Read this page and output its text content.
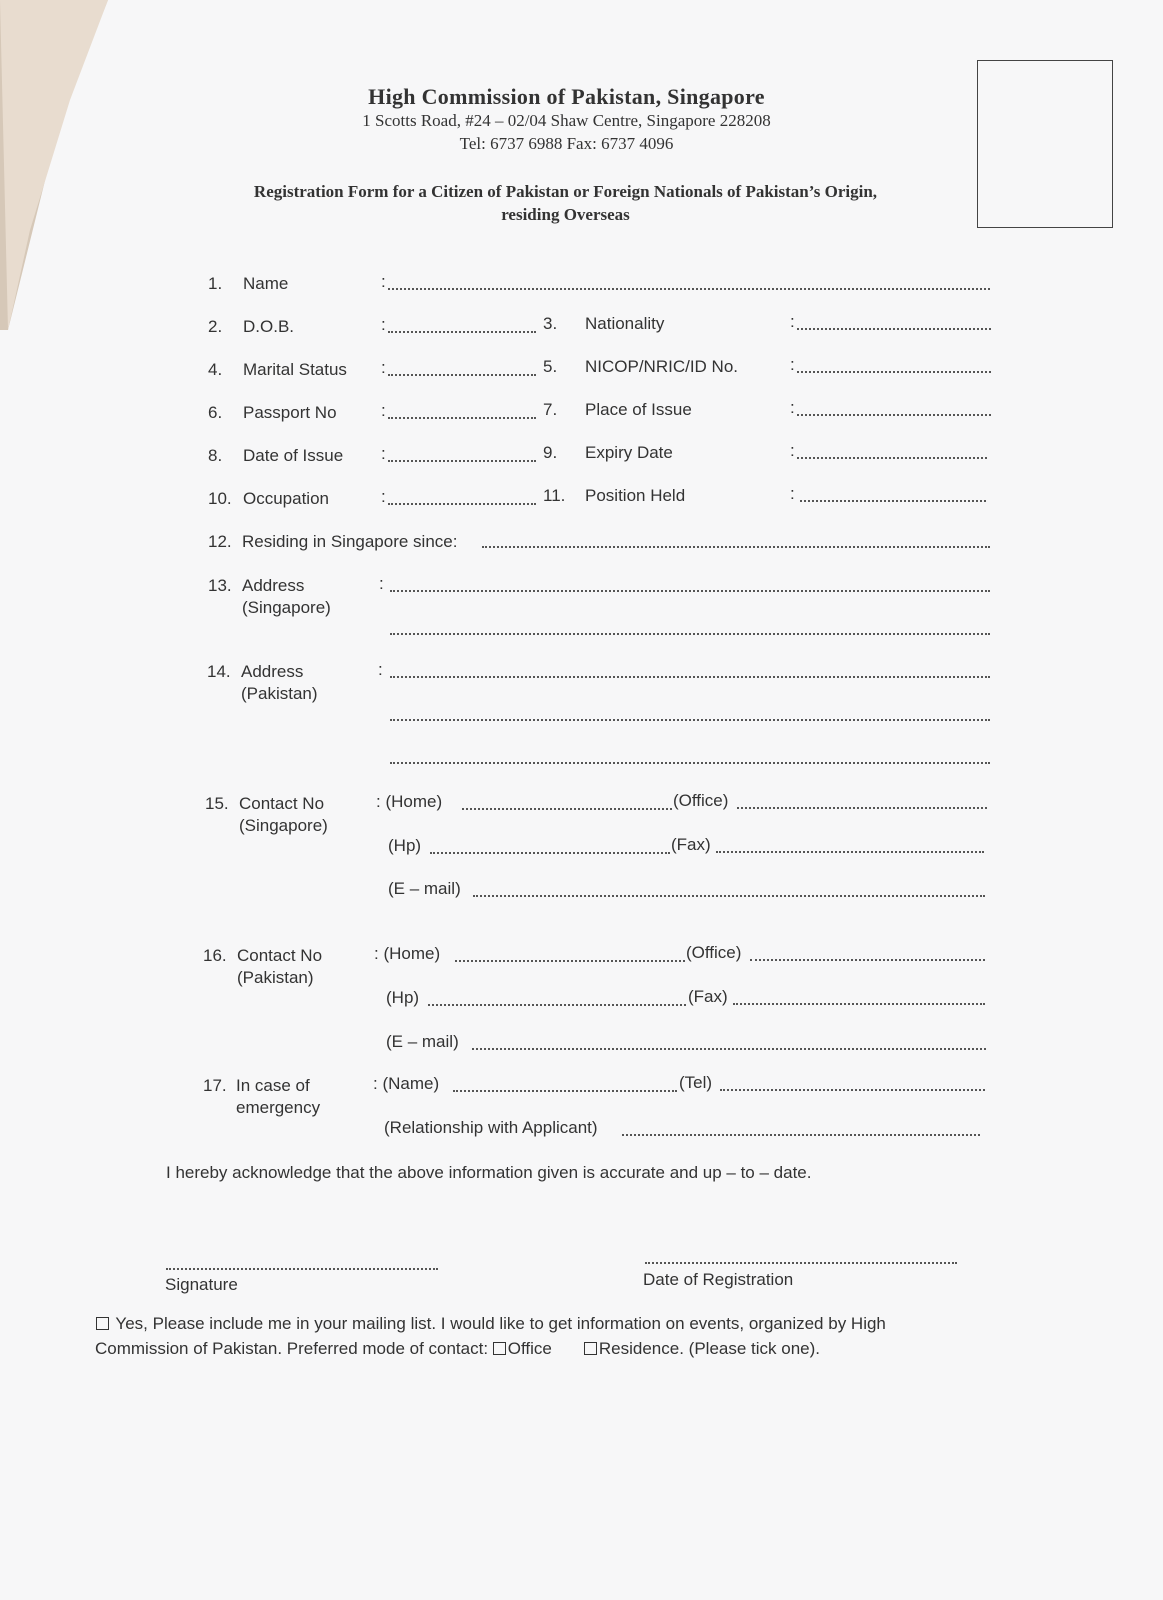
High Commission of Pakistan, Singapore
1 Scotts Road, #24 – 02/04 Shaw Centre, Singapore 228208
Tel: 6737 6988 Fax: 6737 4096
Registration Form for a Citizen of Pakistan or Foreign Nationals of Pakistan’s Origin,
residing Overseas
1. Name	:
2. D.O.B.	:	3. Nationality	:
4. Marital Status :	5. NICOP/NRIC/ID No.	:
6. Passport No	:	7. Place of Issue	:
8. Date of Issue :	9. Expiry Date	:
10. Occupation	:	11. Position Held	:
12. Residing in Singapore since:
13. Address
(Singapore)
:
14. Address
(Pakistan)
:
15. Contact No
(Singapore)
: (Home)	(Office)
(Hp)	(Fax)
(E – mail)
16. Contact No
(Pakistan)
: (Home)	(Office)
(Hp)	(Fax)
(E – mail)
17. In case of
emergency
: (Name)	(Tel)
(Relationship with Applicant)
I hereby acknowledge that the above information given is accurate and up – to – date.
Signature	Date of Registration
Yes, Please include me in your mailing list. I would like to get information on events, organized by High
Commission of Pakistan. Preferred mode of contact: Office	Residence. (Please tick one).
